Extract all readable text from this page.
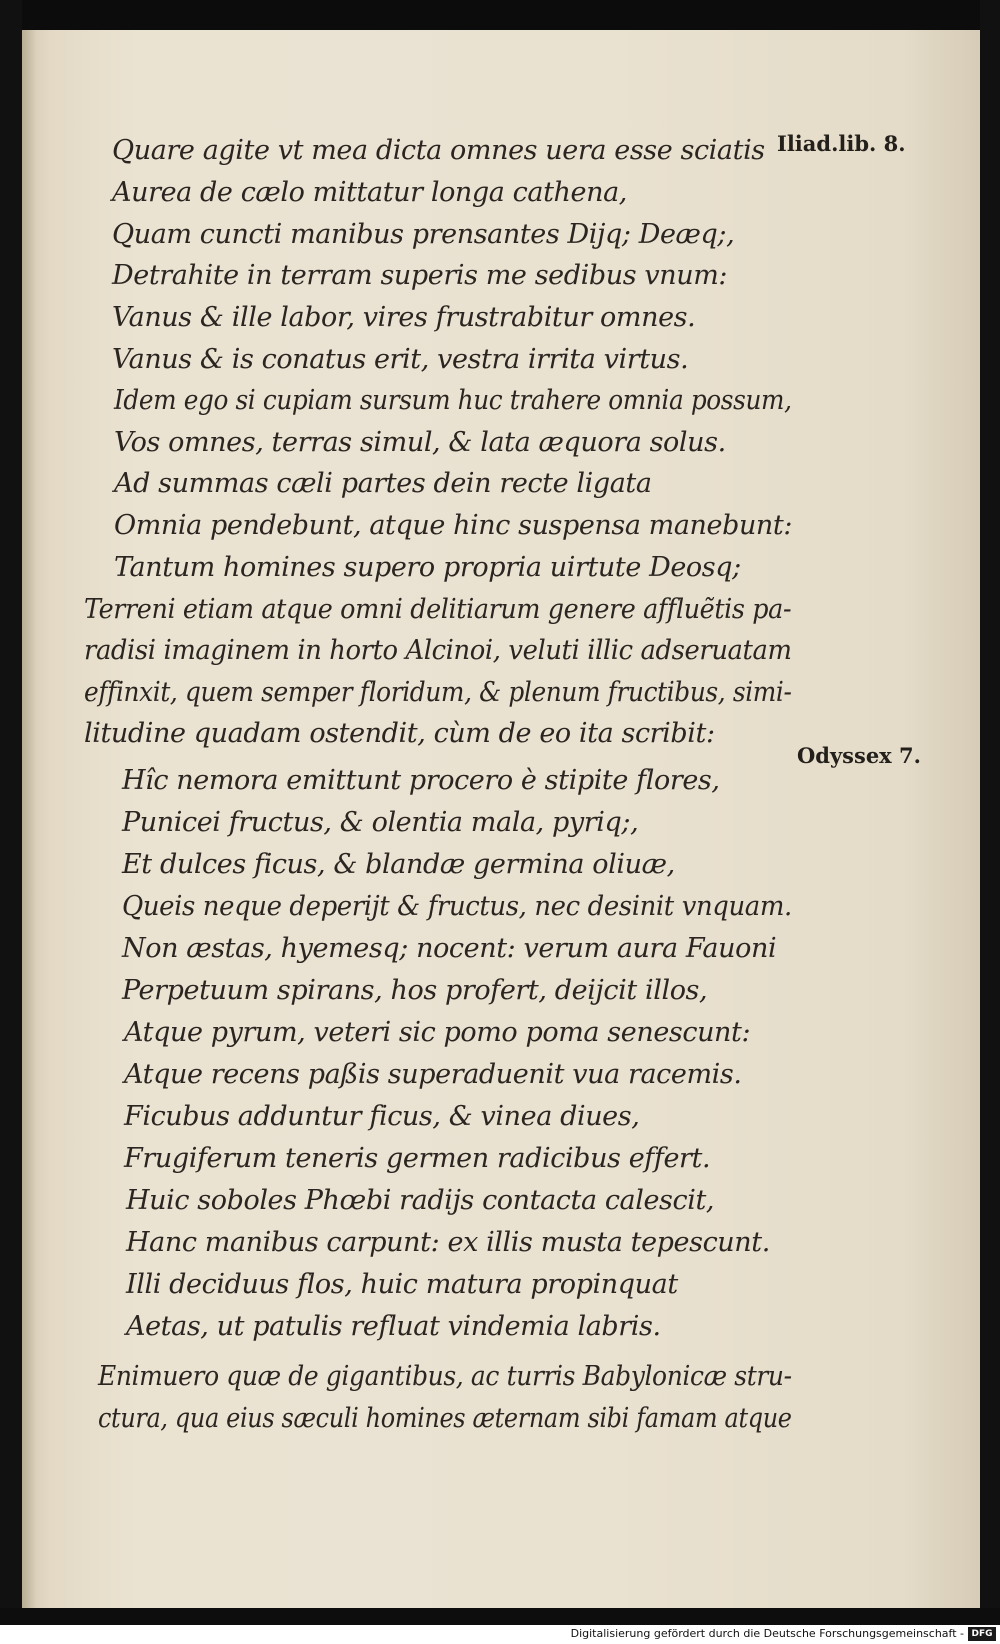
Iliad.lib. 8.
Odyssex 7.
Quare agite vt mea dicta omnes uera esse sciatis
Aurea de cælo mittatur longa cathena,
Quam cuncti manibus prensantes Dijq; Deæq;,
Detrahite in terram superis me sedibus vnum:
Vanus & ille labor, vires frustrabitur omnes.
Vanus & is conatus erit, vestra irrita virtus.
Idem ego si cupiam sursum huc trahere omnia possum,
Vos omnes, terras simul, & lata æquora solus.
Ad summas cæli partes dein recte ligata
Omnia pendebunt, atque hinc suspensa manebunt:
Tantum homines supero propria uirtute Deosq;
Terreni etiam atque omni delitiarum genere affluẽtis pa-
radisi imaginem in horto Alcinoi, veluti illic adseruatam
effinxit, quem semper floridum, & plenum fructibus, simi-
litudine quadam ostendit, cùm de eo ita scribit:
Hîc nemora emittunt procero è stipite flores,
Punicei fructus, & olentia mala, pyriq;,
Et dulces ficus, & blandæ germina oliuæ,
Queis neque deperijt & fructus, nec desinit vnquam.
Non æstas, hyemesq; nocent: verum aura Fauoni
Perpetuum spirans, hos profert, deijcit illos,
Atque pyrum, veteri sic pomo poma senescunt:
Atque recens paßis superaduenit vua racemis.
Ficubus adduntur ficus, & vinea diues,
Frugiferum teneris germen radicibus effert.
Huic soboles Phœbi radijs contacta calescit,
Hanc manibus carpunt: ex illis musta tepescunt.
Illi deciduus flos, huic matura propinquat
Aetas, ut patulis refluat vindemia labris.
Enimuero quæ de gigantibus, ac turris Babylonicæ stru-
ctura, qua eius sæculi homines æternam sibi famam atque
Digitalisierung gefördert durch die Deutsche Forschungsgemeinschaft - DFG
